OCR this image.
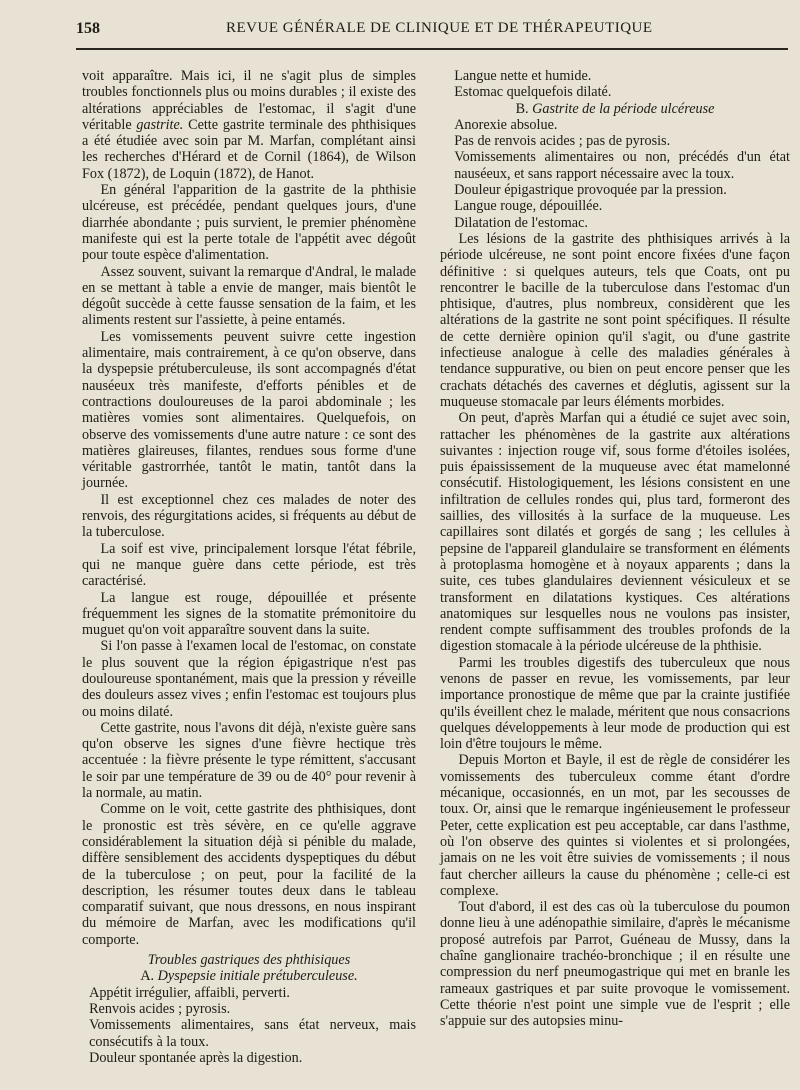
158	REVUE GÉNÉRALE DE CLINIQUE ET DE THÉRAPEUTIQUE

voit apparaître. Mais ici, il ne s'agit plus de simples troubles fonctionnels plus ou moins durables ; il existe des altérations appréciables de l'estomac, il s'agit d'une véritable gastrite. Cette gastrite terminale des phthisiques a été étudiée avec soin par M. Marfan, complétant ainsi les recherches d'Hérard et de Cornil (1864), de Wilson Fox (1872), de Loquin (1872), de Hanot.

En général l'apparition de la gastrite de la phthisie ulcéreuse, est précédée, pendant quelques jours, d'une diarrhée abondante ; puis survient, le premier phénomène manifeste qui est la perte totale de l'appétit avec dégoût pour toute espèce d'alimentation.

Assez souvent, suivant la remarque d'Andral, le malade en se mettant à table a envie de manger, mais bientôt le dégoût succède à cette fausse sensation de la faim, et les aliments restent sur l'assiette, à peine entamés.

Les vomissements peuvent suivre cette ingestion alimentaire, mais contrairement, à ce qu'on observe, dans la dyspepsie prétuberculeuse, ils sont accompagnés d'état nauséeux très manifeste, d'efforts pénibles et de contractions douloureuses de la paroi abdominale ; les matières vomies sont alimentaires. Quelquefois, on observe des vomissements d'une autre nature : ce sont des matières glaireuses, filantes, rendues sous forme d'une véritable gastrorrhée, tantôt le matin, tantôt dans la journée.

Il est exceptionnel chez ces malades de noter des renvois, des régurgitations acides, si fréquents au début de la tuberculose.

La soif est vive, principalement lorsque l'état fébrile, qui ne manque guère dans cette période, est très caractérisé.

La langue est rouge, dépouillée et présente fréquemment les signes de la stomatite prémonitoire du muguet qu'on voit apparaître souvent dans la suite.

Si l'on passe à l'examen local de l'estomac, on constate le plus souvent que la région épigastrique n'est pas douloureuse spontanément, mais que la pression y réveille des douleurs assez vives ; enfin l'estomac est toujours plus ou moins dilaté.

Cette gastrite, nous l'avons dit déjà, n'existe guère sans qu'on observe les signes d'une fièvre hectique très accentuée : la fièvre présente le type rémittent, s'accusant le soir par une température de 39 ou de 40° pour revenir à la normale, au matin.

Comme on le voit, cette gastrite des phthisiques, dont le pronostic est très sévère, en ce qu'elle aggrave considérablement la situation déjà si pénible du malade, diffère sensiblement des accidents dyspeptiques du début de la tuberculose ; on peut, pour la facilité de la description, les résumer toutes deux dans le tableau comparatif suivant, que nous dressons, en nous inspirant du mémoire de Marfan, avec les modifications qu'il comporte.

Troubles gastriques des phthisiques

A. Dyspepsie initiale prétuberculeuse.

Appétit irrégulier, affaibli, perverti.

Renvois acides ; pyrosis.

Vomissements alimentaires, sans état nerveux, mais consécutifs à la toux.

Douleur spontanée après la digestion.

Langue nette et humide.

Estomac quelquefois dilaté.

B. Gastrite de la période ulcéreuse

Anorexie absolue.

Pas de renvois acides ; pas de pyrosis.

Vomissements alimentaires ou non, précédés d'un état nauséeux, et sans rapport nécessaire avec la toux.

Douleur épigastrique provoquée par la pression.

Langue rouge, dépouillée.

Dilatation de l'estomac.

Les lésions de la gastrite des phthisiques arrivés à la période ulcéreuse, ne sont point encore fixées d'une façon définitive : si quelques auteurs, tels que Coats, ont pu rencontrer le bacille de la tuberculose dans l'estomac d'un phtisique, d'autres, plus nombreux, considèrent que les altérations de la gastrite ne sont point spécifiques. Il résulte de cette dernière opinion qu'il s'agit, ou d'une gastrite infectieuse analogue à celle des maladies générales à tendance suppurative, ou bien on peut encore penser que les crachats détachés des cavernes et déglutis, agissent sur la muqueuse stomacale par leurs éléments morbides.

On peut, d'après Marfan qui a étudié ce sujet avec soin, rattacher les phénomènes de la gastrite aux altérations suivantes : injection rouge vif, sous forme d'étoiles isolées, puis épaississement de la muqueuse avec état mamelonné consécutif. Histologiquement, les lésions consistent en une infiltration de cellules rondes qui, plus tard, formeront des saillies, des villosités à la surface de la muqueuse. Les capillaires sont dilatés et gorgés de sang ; les cellules à pepsine de l'appareil glandulaire se transforment en éléments à protoplasma homogène et à noyaux apparents ; dans la suite, ces tubes glandulaires deviennent vésiculeux et se transforment en dilatations kystiques. Ces altérations anatomiques sur lesquelles nous ne voulons pas insister, rendent compte suffisamment des troubles profonds de la digestion stomacale à la période ulcéreuse de la phthisie.

Parmi les troubles digestifs des tuberculeux que nous venons de passer en revue, les vomissements, par leur importance pronostique de même que par la crainte justifiée qu'ils éveillent chez le malade, méritent que nous consacrions quelques développements à leur mode de production qui est loin d'être toujours le même.

Depuis Morton et Bayle, il est de règle de considérer les vomissements des tuberculeux comme étant d'ordre mécanique, occasionnés, en un mot, par les secousses de toux. Or, ainsi que le remarque ingénieusement le professeur Peter, cette explication est peu acceptable, car dans l'asthme, où l'on observe des quintes si violentes et si prolongées, jamais on ne les voit être suivies de vomissements ; il nous faut chercher ailleurs la cause du phénomène ; celle-ci est complexe.

Tout d'abord, il est des cas où la tuberculose du poumon donne lieu à une adénopathie similaire, d'après le mécanisme proposé autrefois par Parrot, Guéneau de Mussy, dans la chaîne ganglionaire trachéo-bronchique ; il en résulte une compression du nerf pneumogastrique qui met en branle les rameaux gastriques et par suite provoque le vomissement. Cette théorie n'est point une simple vue de l'esprit ; elle s'appuie sur des autopsies minu-
